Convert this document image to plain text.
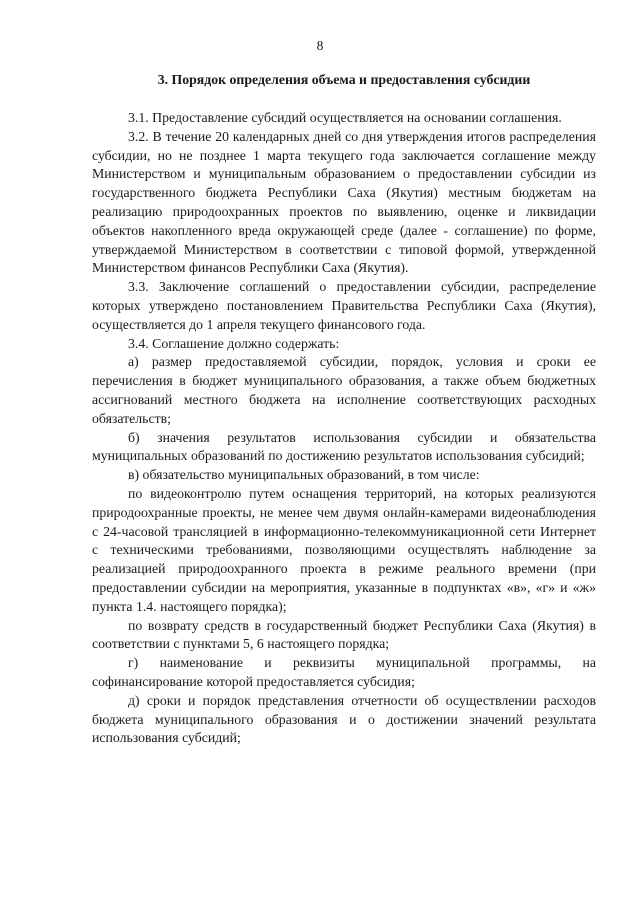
8
3. Порядок определения объема и предоставления субсидии

3.1. Предоставление субсидий осуществляется на основании соглашения.

3.2. В течение 20 календарных дней со дня утверждения итогов распределения субсидии, но не позднее 1 марта текущего года заключается соглашение между Министерством и муниципальным образованием о предоставлении субсидии из государственного бюджета Республики Саха (Якутия) местным бюджетам на реализацию природоохранных проектов по выявлению, оценке и ликвидации объектов накопленного вреда окружающей среде (далее - соглашение) по форме, утверждаемой Министерством в соответствии с типовой формой, утвержденной Министерством финансов Республики Саха (Якутия).

3.3. Заключение соглашений о предоставлении субсидии, распределение которых утверждено постановлением Правительства Республики Саха (Якутия), осуществляется до 1 апреля текущего финансового года.

3.4. Соглашение должно содержать:

а) размер предоставляемой субсидии, порядок, условия и сроки ее перечисления в бюджет муниципального образования, а также объем бюджетных ассигнований местного бюджета на исполнение соответствующих расходных обязательств;

б) значения результатов использования субсидии и обязательства муниципальных образований по достижению результатов использования субсидий;

в) обязательство муниципальных образований, в том числе:

по видеоконтролю путем оснащения территорий, на которых реализуются природоохранные проекты, не менее чем двумя онлайн-камерами видеонаблюдения с 24-часовой трансляцией в информационно-телекоммуникационной сети Интернет с техническими требованиями, позволяющими осуществлять наблюдение за реализацией природоохранного проекта в режиме реального времени (при предоставлении субсидии на мероприятия, указанные в подпунктах «в», «г» и «ж» пункта 1.4. настоящего порядка);

по возврату средств в государственный бюджет Республики Саха (Якутия) в соответствии с пунктами 5, 6 настоящего порядка;

г) наименование и реквизиты муниципальной программы, на софинансирование которой предоставляется субсидия;

д) сроки и порядок представления отчетности об осуществлении расходов бюджета муниципального образования и о достижении значений результата использования субсидий;
